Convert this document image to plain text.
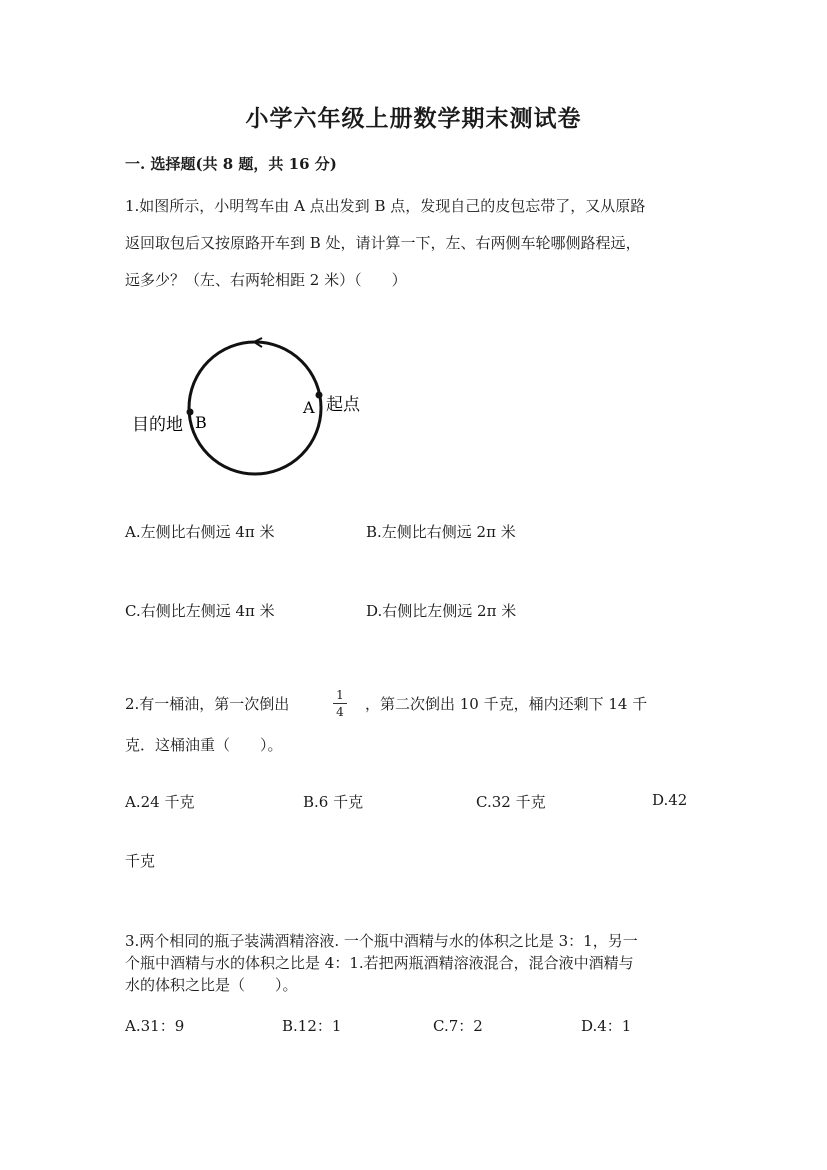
小学六年级上册数学期末测试卷
一. 选择题(共 8 题，共 16 分)
1.如图所示，小明驾车由 A 点出发到 B 点，发现自己的皮包忘带了，又从原路
返回取包后又按原路开车到 B 处，请计算一下，左、右两侧车轮哪侧路程远，
远多少？（左、右两轮相距 2 米）（　　）
A 起点
B
目的地
A.左侧比右侧远 4π 米	B.左侧比右侧远 2π 米
C.右侧比左侧远 4π 米	D.右侧比左侧远 2π 米
2.有一桶油，第一次倒出	1
4 ，第二次倒出 10 千克，桶内还剩下 14 千
克．这桶油重（　　）。
A.24 千克	B.6 千克	C.32 千克	D.42
千克
3.两个相同的瓶子装满酒精溶液. 一个瓶中酒精与水的体积之比是 3：1，另一
个瓶中酒精与水的体积之比是 4：1.若把两瓶酒精溶液混合，混合液中酒精与
水的体积之比是（　　）。
A.31：9	B.12：1	C.7：2	D.4：1
